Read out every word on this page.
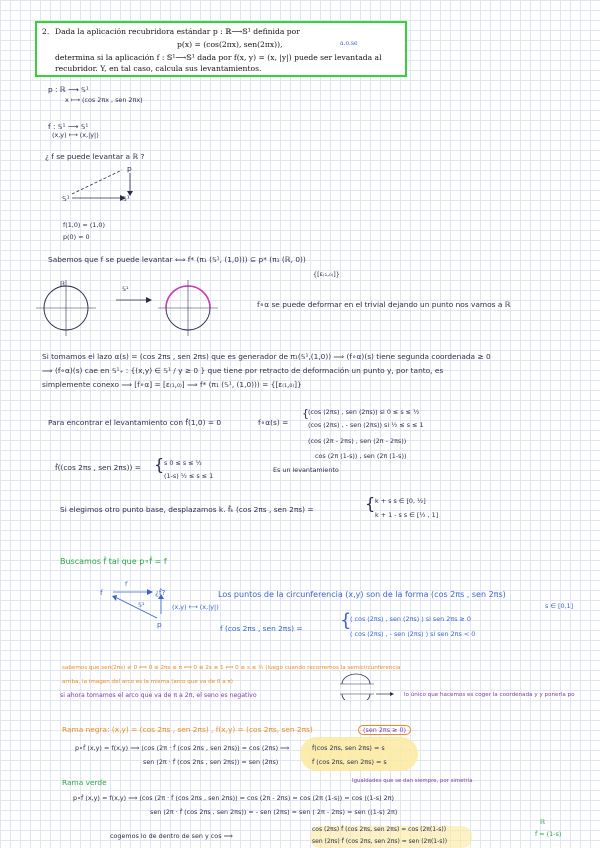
2. Dada la aplicación recubridora estándar p : ℝ⟶𝕊¹ definida por
p(x) = (cos(2πx), sen(2πx)),	a.o.se
determina si la aplicación f : 𝕊¹⟶𝕊¹ dada por f(x, y) = (x, |y|) puede ser levantada al
recubridor. Y, en tal caso, calcula sus levantamientos.
p : ℝ ⟶ 𝕊¹
x ⟼ (cos 2πx , sen 2πx)
f : 𝕊¹ ⟶ 𝕊¹
(x,y) ⟼ (x,|y|)
¿ f se puede levantar a ℝ ?
p
𝕊¹	𝕊¹
f(1,0) = (1,0)
p(0) = 0
Sabemos que f se puede levantar ⟺ f* (π₁ (𝕊¹, (1,0))) ⊆ p* (π₁ (ℝ, 0))
{[ε₍₁,₀₎]}
ℝ
𝕊¹
f∘α se puede deformar en el trivial dejando un punto nos vamos a ℝ
Si tomamos el lazo α(s) = (cos 2πs , sen 2πs) que es generador de π₁(𝕊¹,(1,0)) ⟹ (f∘α)(s) tiene segunda coordenada ≥ 0
⟹ (f∘α)(s) cae en 𝕊¹₊ : {(x,y) ∈ 𝕊¹ / y ≥ 0 } que tiene por retracto de deformación un punto y, por tanto, es
simplemente conexo ⟹ [f∘α] = [ε₍₁,₀₎] ⟹ f* (π₁ (𝕊¹, (1,0))) = {[ε₍₁,₀₎]}
Para encontrar el levantamiento con f̂(1,0) = 0	f∘α(s) =
{ (cos (2πs) , sen (2πs)) si 0 ≤ s ≤ ½
(cos (2πs) , - sen (2πs)) si ½ ≤ s ≤ 1
(cos (2π - 2πs) , sen (2π - 2πs))
cos (2π (1-s)) , sen (2π (1-s))
f̂((cos 2πs , sen 2πs)) = { s 0 ≤ s ≤ ½
(1-s) ½ ≤ s ≤ 1
Es un levantamiento
Si elegimos otro punto base, desplazamos k. f̂ₖ (cos 2πs , sen 2πs) =	{ k + s s ∈ [0, ½]
k + 1 - s s ∈ [½ , 1]
Buscamos f̂ tal que p∘f̂ = f
f
f
¿f̂?
p
𝕊¹	(x,y) ⟼ (x,|y|)
Los puntos de la circunferencia (x,y) son de la forma (cos 2πs , sen 2πs)
s ∈ [0,1]
f (cos 2πs , sen 2πs) = {
( cos (2πs) , sen (2πs) ) si sen 2πs ≥ 0
( cos (2πs) , - sen (2πs) ) si sen 2πs < 0
sabemos que sen(2πs) ≥ 0 ⟺ 0 ≤ 2πs ≤ π ⟺ 0 ≤ 2s ≤ 1 ⟺ 0 ≤ s ≤ ½ (luego cuando recorremos la semicircunferencia
arriba, la imagen del arco es la misma (arco que va de 0 a π)
si ahora tomamos el arco que va de π a 2π, el seno es negativo	lo único que hacemos es coger la coordenada y y ponerla po
Rama negra: (x,y) = (cos 2πs , sen 2πs) , f(x,y) = (cos 2πs, sen 2πs)	(sen 2πs ≥ 0)
p∘f̂ (x,y) = f(x,y) ⟹ (cos (2π · f̂ (cos 2πs , sen 2πs)) = cos (2πs) ⟹
sen (2π · f̂ (cos 2πs , sen 2πs)) = sen (2πs)
f̂(cos 2πs, sen 2πs) = s
f̂ (cos 2πs, sen 2πs) = s
Rama verde	Igualdades que se dan siempre, por simetría
p∘f̂ (x,y) = f(x,y) ⟹ (cos (2π · f̂ (cos 2πs , sen 2πs)) = cos (2π - 2πs) = cos (2π (1-s)) = cos ((1-s) 2π)
sen (2π · f̂ (cos 2πs , sen 2πs)) = - sen (2πs) = sen ( 2π - 2πs) = sen ((1-s) 2π)
cogemos lo de dentro de sen y cos ⟹
cos (2πs) f̂ (cos 2πs, sen 2πs) = cos (2π(1-s))
sen (2πs) f̂ (cos 2πs, sen 2πs) = sen (2π(1-s))
f̂ = (1-s)
ℝ
